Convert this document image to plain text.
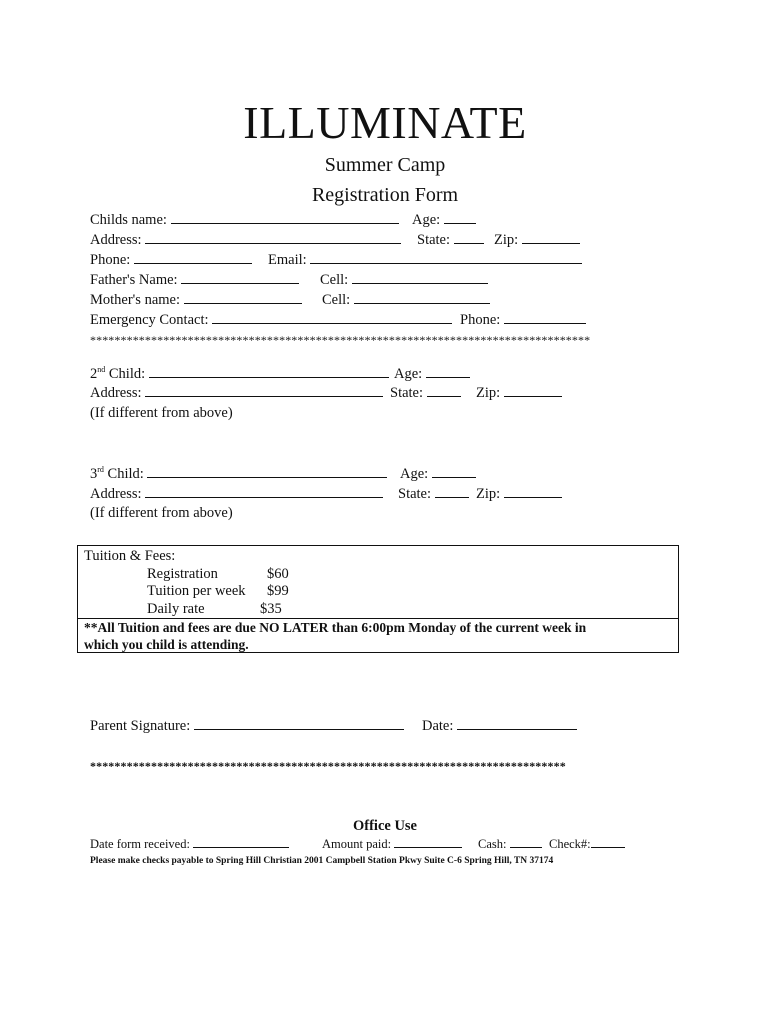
ILLUMINATE
Summer Camp
Registration Form
Childs name:	Age:
Address:	State:	Zip:
Phone:	Email:
Father's Name:	Cell:
Mother's name:	Cell:
Emergency Contact:	Phone:
**********************************************************************************
2nd Child:	Age:
Address:	State:	Zip:
(If different from above)
3rd Child:	Age:
Address:	State:	Zip:
(If different from above)
Tuition & Fees:
Registration	$60
Tuition per week $99
Daily rate	$35
**All Tuition and fees are due NO LATER than 6:00pm Monday of the current week in
which you child is attending.
Parent Signature:	Date:
******************************************************************************
Office Use
Date form received:	Amount paid:	Cash:	Check#:
Please make checks payable to Spring Hill Christian 2001 Campbell Station Pkwy Suite C-6 Spring Hill, TN 37174
